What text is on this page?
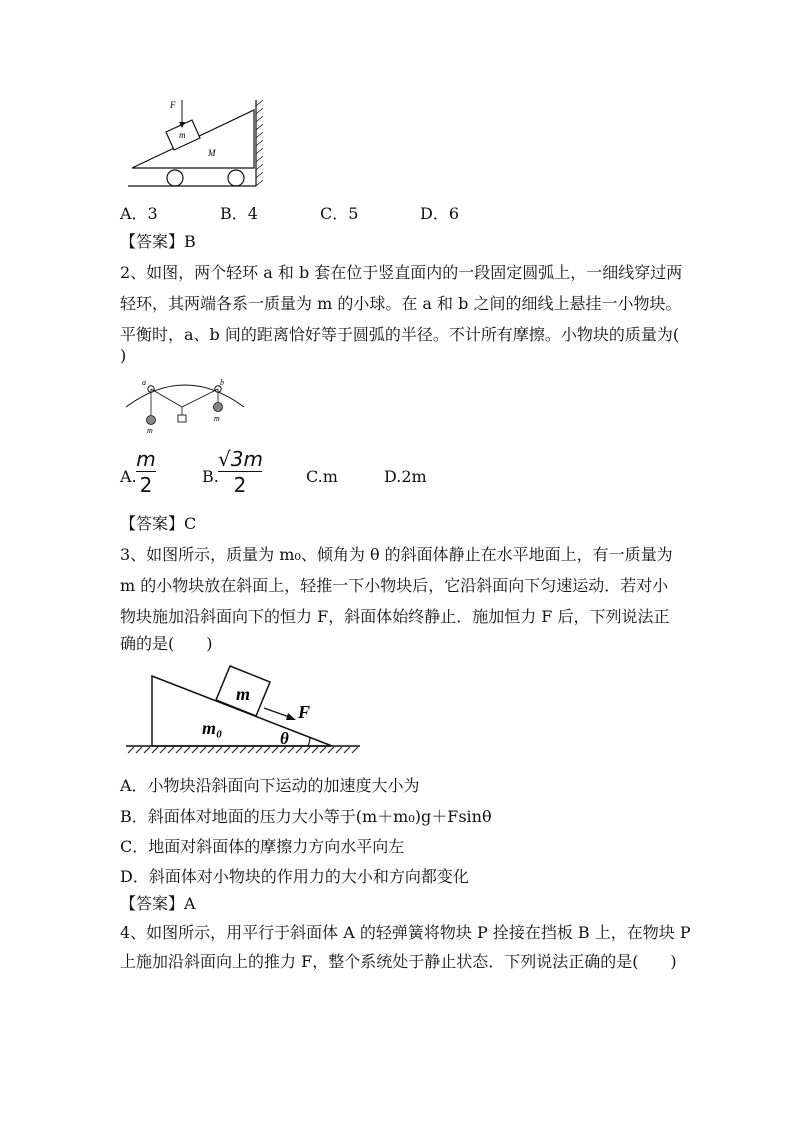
F
m
M
A．3	B．4	C．5	D．6
【答案】B
2、如图，两个轻环 a 和 b 套在位于竖直面内的一段固定圆弧上，一细线穿过两
轻环，其两端各系一质量为 m 的小球。在 a 和 b 之间的细线上悬挂一小物块。
平衡时，a、b 间的距离恰好等于圆弧的半径。不计所有摩擦。小物块的质量为(
)
a	b
m
m
A.
m
2	B.
√3m
2	C.m	D.2m
【答案】C
3、如图所示，质量为 m₀、倾角为 θ 的斜面体静止在水平地面上，有一质量为
m 的小物块放在斜面上，轻推一下小物块后，它沿斜面向下匀速运动．若对小
物块施加沿斜面向下的恒力 F，斜面体始终静止．施加恒力 F 后，下列说法正
确的是(　　)
m
F
m₀
θ
A．小物块沿斜面向下运动的加速度大小为
B．斜面体对地面的压力大小等于(m＋m₀)g＋Fsinθ
C．地面对斜面体的摩擦力方向水平向左
D．斜面体对小物块的作用力的大小和方向都变化
【答案】A
4、如图所示，用平行于斜面体 A 的轻弹簧将物块 P 拴接在挡板 B 上，在物块 P
上施加沿斜面向上的推力 F，整个系统处于静止状态．下列说法正确的是(　　)
